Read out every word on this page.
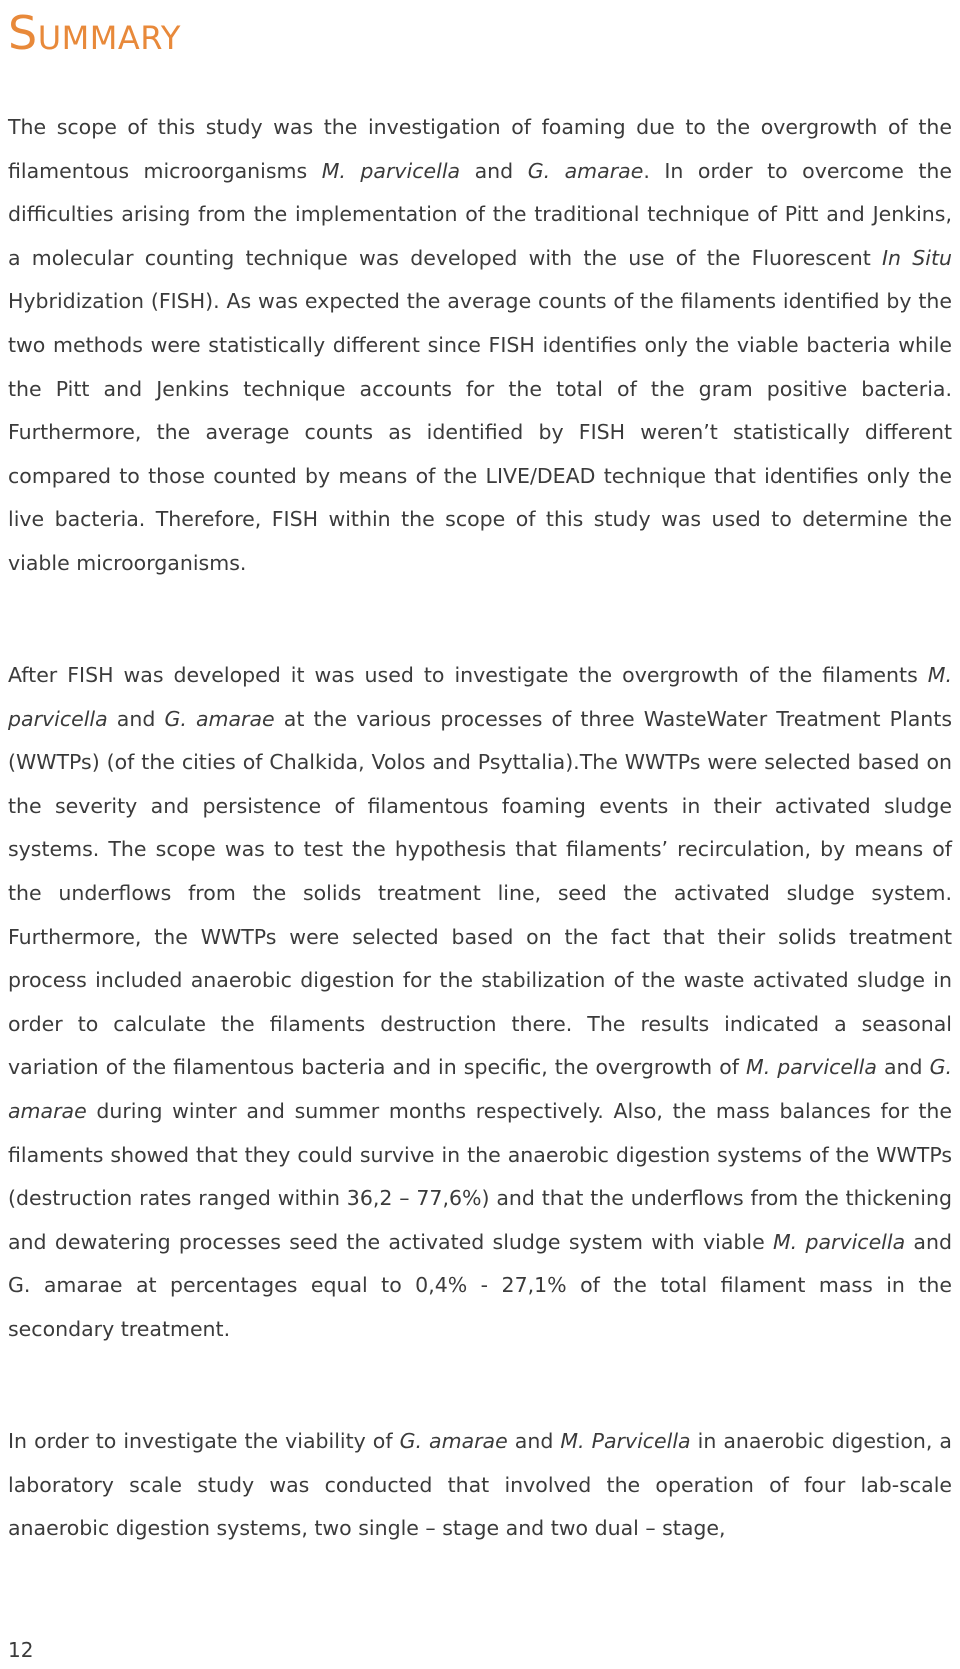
Summary

The scope of this study was the investigation of foaming due to the overgrowth of the filamentous microorganisms M. parvicella and G. amarae. In order to overcome the difficulties arising from the implementation of the traditional technique of Pitt and Jenkins, a molecular counting technique was developed with the use of the Fluorescent In Situ Hybridization (FISH). As was expected the average counts of the filaments identified by the two methods were statistically different since FISH identifies only the viable bacteria while the Pitt and Jenkins technique accounts for the total of the gram positive bacteria. Furthermore, the average counts as identified by FISH weren’t statistically different compared to those counted by means of the LIVE/DEAD technique that identifies only the live bacteria. Therefore, FISH within the scope of this study was used to determine the viable microorganisms.

After FISH was developed it was used to investigate the overgrowth of the filaments M. parvicella and G. amarae at the various processes of three WasteWater Treatment Plants (WWTPs) (of the cities of Chalkida, Volos and Psyttalia).The WWTPs were selected based on the severity and persistence of filamentous foaming events in their activated sludge systems. The scope was to test the hypothesis that filaments’ recirculation, by means of the underflows from the solids treatment line, seed the activated sludge system. Furthermore, the WWTPs were selected based on the fact that their solids treatment process included anaerobic digestion for the stabilization of the waste activated sludge in order to calculate the filaments destruction there. The results indicated a seasonal variation of the filamentous bacteria and in specific, the overgrowth of M. parvicella and G. amarae during winter and summer months respectively. Also, the mass balances for the filaments showed that they could survive in the anaerobic digestion systems of the WWTPs (destruction rates ranged within 36,2 – 77,6%) and that the underflows from the thickening and dewatering processes seed the activated sludge system with viable M. parvicella and G. amarae at percentages equal to 0,4% - 27,1% of the total filament mass in the secondary treatment.

In order to investigate the viability of G. amarae and M. Parvicella in anaerobic digestion, a laboratory scale study was conducted that involved the operation of four lab-scale anaerobic digestion systems, two single – stage and two dual – stage,

12
